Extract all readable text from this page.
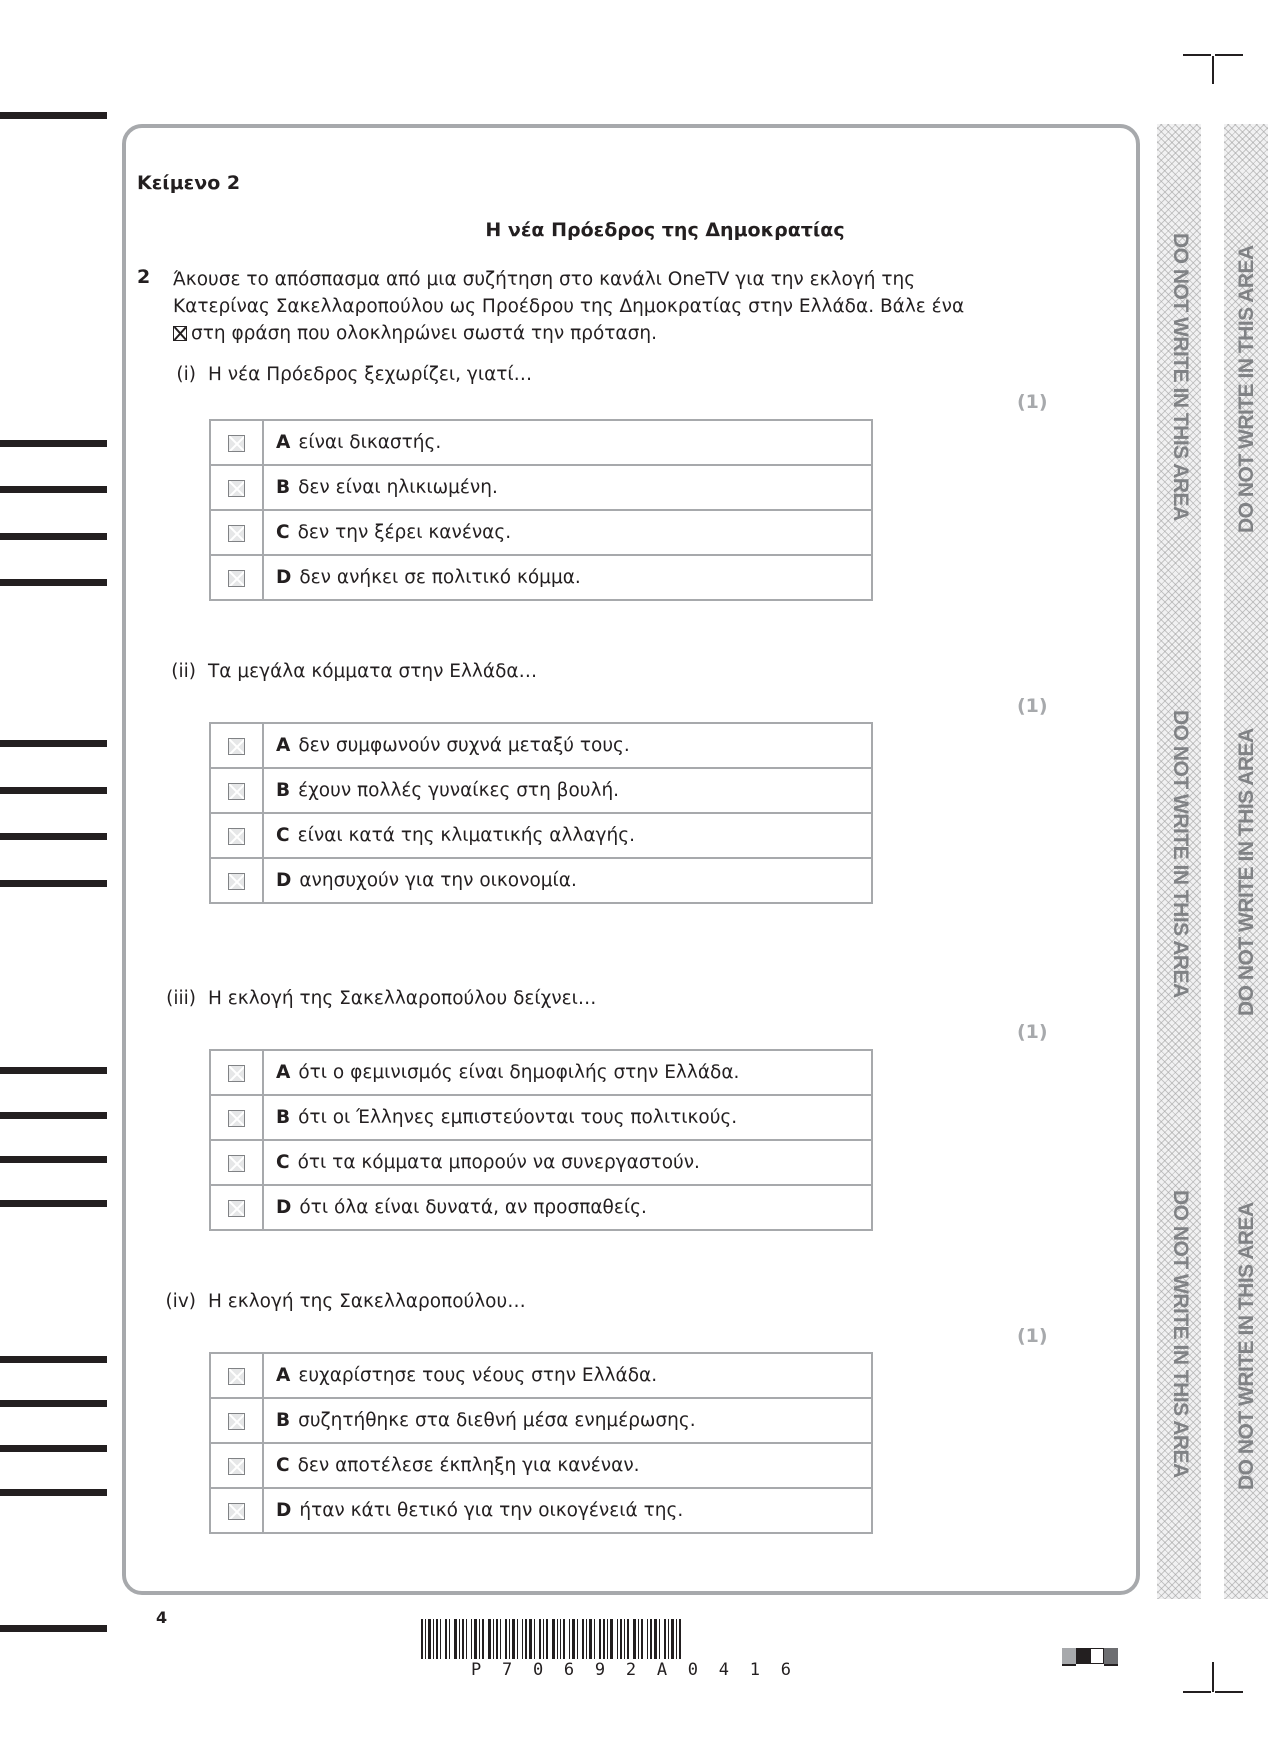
DO NOT WRITE IN THIS AREA
DO NOT WRITE IN THIS AREA
DO NOT WRITE IN THIS AREA
DO NOT WRITE IN THIS AREA
DO NOT WRITE IN THIS AREA
DO NOT WRITE IN THIS AREA
Κείμενο 2
Η νέα Πρόεδρος της Δημοκρατίας
2 Άκουσε το απόσπασμα από μια συζήτηση στο κανάλι OneTV για την εκλογή της
Κατερίνας Σακελλαροπούλου ως Προέδρου της Δημοκρατίας στην Ελλάδα. Βάλε ένα
στη φράση που ολοκληρώνει σωστά την πρόταση.
(i) Η νέα Πρόεδρος ξεχωρίζει, γιατί…
(1)
	A είναι δικαστής.
	B δεν είναι ηλικιωμένη.
	C δεν την ξέρει κανένας.
	D δεν ανήκει σε πολιτικό κόμμα.
(ii) Τα μεγάλα κόμματα στην Ελλάδα…
(1)
	A δεν συμφωνούν συχνά μεταξύ τους.
	B έχουν πολλές γυναίκες στη βουλή.
	C είναι κατά της κλιματικής αλλαγής.
	D ανησυχούν για την οικονομία.
(iii) Η εκλογή της Σακελλαροπούλου δείχνει…
(1)
	A ότι ο φεμινισμός είναι δημοφιλής στην Ελλάδα.
	B ότι οι Έλληνες εμπιστεύονται τους πολιτικούς.
	C ότι τα κόμματα μπορούν να συνεργαστούν.
	D ότι όλα είναι δυνατά, αν προσπαθείς.
(iv) Η εκλογή της Σακελλαροπούλου…
(1)
	A ευχαρίστησε τους νέους στην Ελλάδα.
	B συζητήθηκε στα διεθνή μέσα ενημέρωσης.
	C δεν αποτέλεσε έκπληξη για κανέναν.
	D ήταν κάτι θετικό για την οικογένειά της.
4
P 7 0 6 9 2 A 0 4 1 6
